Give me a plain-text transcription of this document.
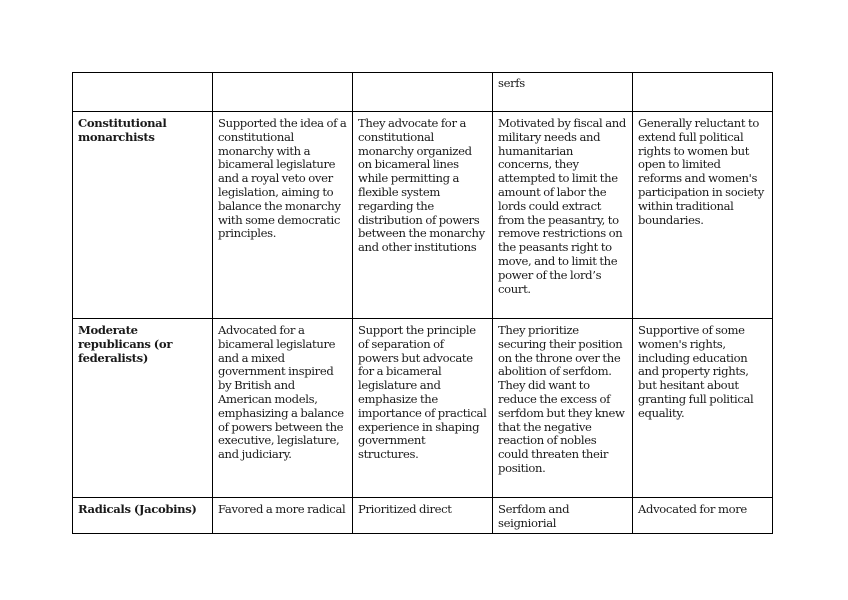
			serfs	
Constitutional monarchists	Supported the idea of a constitutional monarchy with a bicameral legislature and a royal veto over legislation, aiming to balance the monarchy with some democratic principles.	They advocate for a constitutional monarchy organized on bicameral lines while permitting a flexible system regarding the distribution of powers between the monarchy and other institutions	Motivated by fiscal and military needs and humanitarian concerns, they attempted to limit the amount of labor the lords could extract from the peasantry, to remove restrictions on the peasants right to move, and to limit the power of the lord’s court.	Generally reluctant to extend full political rights to women but open to limited reforms and women's participation in society within traditional boundaries.
Moderate republicans (or federalists)	Advocated for a bicameral legislature and a mixed government inspired by British and American models, emphasizing a balance of powers between the executive, legislature, and judiciary.	Support the principle of separation of powers but advocate for a bicameral legislature and emphasize the importance of practical experience in shaping government structures.	They prioritize securing their position on the throne over the abolition of serfdom. They did want to reduce the excess of serfdom but they knew that the negative reaction of nobles could threaten their position.	Supportive of some women's rights, including education and property rights, but hesitant about granting full political equality.
Radicals (Jacobins)	Favored a more radical	Prioritized direct	Serfdom and seigniorial	Advocated for more
